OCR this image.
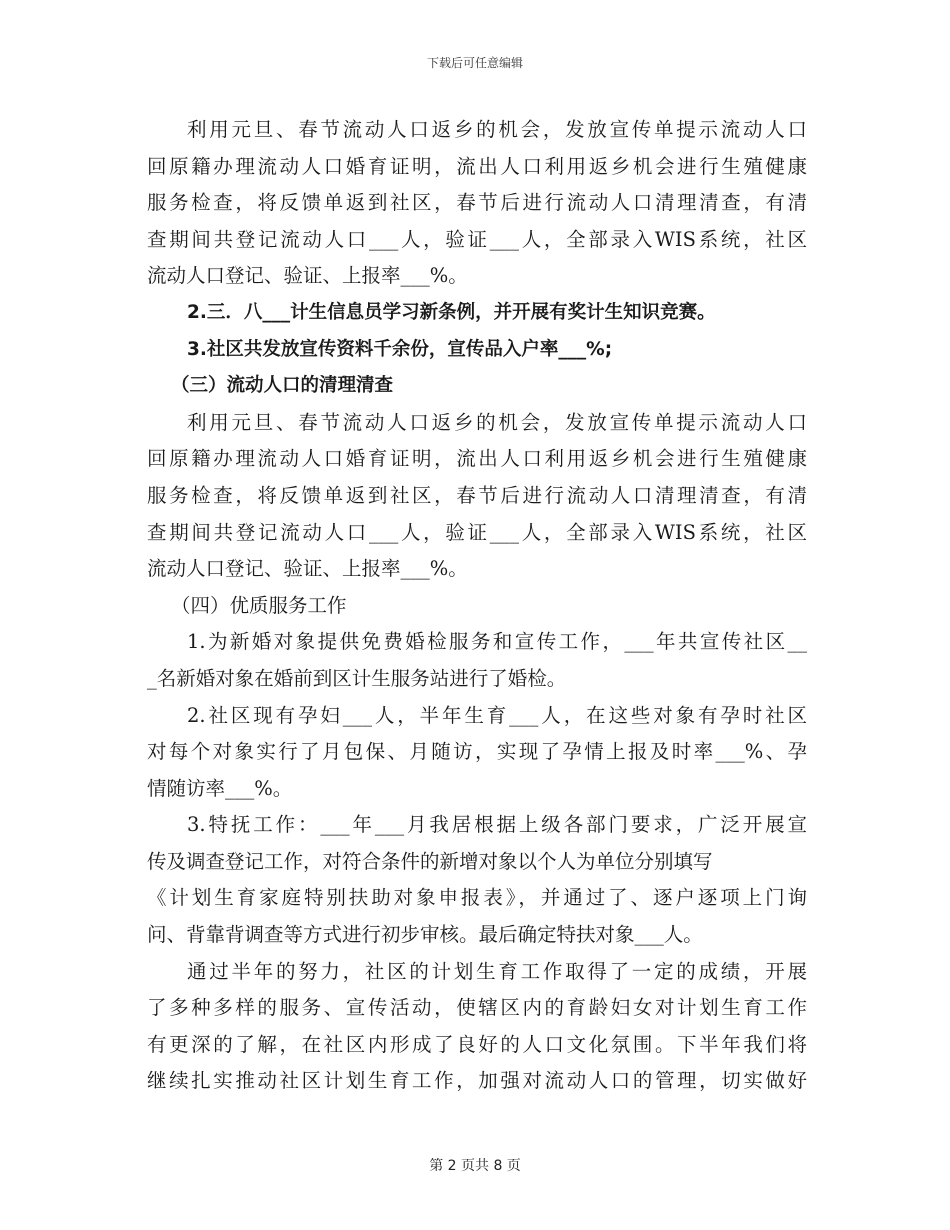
下载后可任意编辑
利用元旦、春节流动人口返乡的机会，发放宣传单提示流动人口
回原籍办理流动人口婚育证明，流出人口利用返乡机会进行生殖健康
服务检查，将反馈单返到社区，春节后进行流动人口清理清查，有清
查期间共登记流动人口___人，验证___人，全部录入WIS系统，社区
流动人口登记、验证、上报率___%。
2.三．八___计生信息员学习新条例，并开展有奖计生知识竞赛。
3.社区共发放宣传资料千余份，宣传品入户率___%;
（三）流动人口的清理清查
利用元旦、春节流动人口返乡的机会，发放宣传单提示流动人口
回原籍办理流动人口婚育证明，流出人口利用返乡机会进行生殖健康
服务检查，将反馈单返到社区，春节后进行流动人口清理清查，有清
查期间共登记流动人口___人，验证___人，全部录入WIS系统，社区
流动人口登记、验证、上报率___%。
（四）优质服务工作
1.为新婚对象提供免费婚检服务和宣传工作，___年共宣传社区__
_名新婚对象在婚前到区计生服务站进行了婚检。
2.社区现有孕妇___人，半年生育___人，在这些对象有孕时社区
对每个对象实行了月包保、月随访，实现了孕情上报及时率___%、孕
情随访率___%。
3.特抚工作：___年___月我居根据上级各部门要求，广泛开展宣
传及调查登记工作，对符合条件的新增对象以个人为单位分别填写
《计划生育家庭特别扶助对象申报表》，并通过了、逐户逐项上门询
问、背靠背调查等方式进行初步审核。最后确定特扶对象___人。
通过半年的努力，社区的计划生育工作取得了一定的成绩，开展
了多种多样的服务、宣传活动，使辖区内的育龄妇女对计划生育工作
有更深的了解，在社区内形成了良好的人口文化氛围。下半年我们将
继续扎实推动社区计划生育工作，加强对流动人口的管理，切实做好
第 2 页共 8 页
